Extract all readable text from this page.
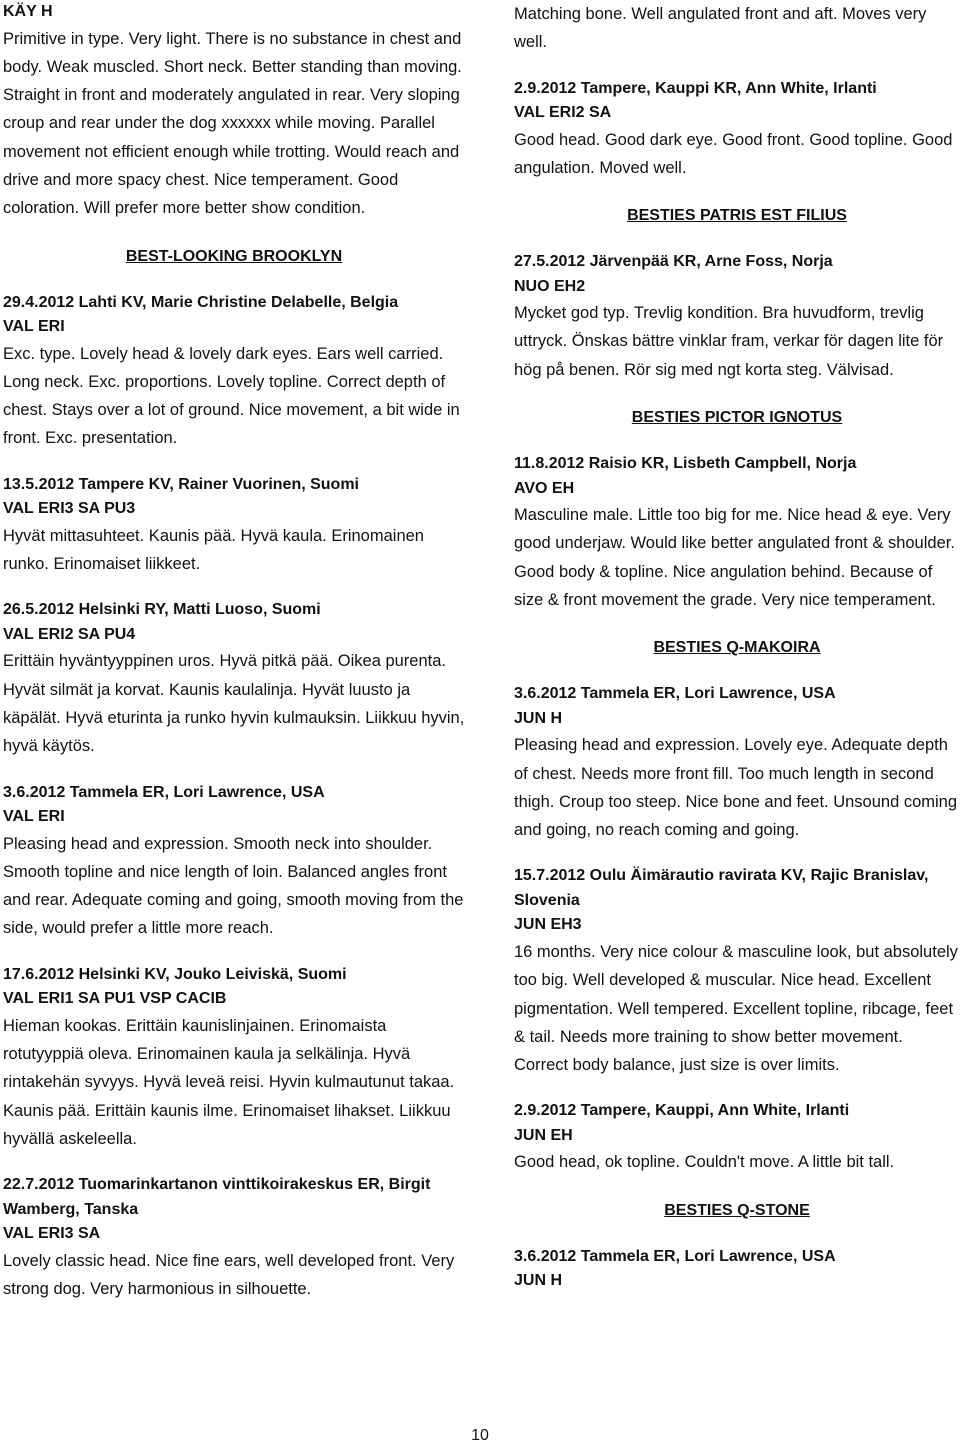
KÄY H

Primitive in type. Very light. There is no substance in chest and body. Weak muscled. Short neck. Better standing than moving. Straight in front and moderately angulated in rear. Very sloping croup and rear under the dog xxxxxx while moving. Parallel movement not efficient enough while trotting. Would reach and drive and more spacy chest. Nice temperament. Good coloration. Will prefer more better show condition.

BEST-LOOKING BROOKLYN
29.4.2012 Lahti KV, Marie Christine Delabelle, Belgia
VAL ERI

Exc. type. Lovely head & lovely dark eyes. Ears well carried. Long neck. Exc. proportions. Lovely topline. Correct depth of chest. Stays over a lot of ground. Nice movement, a bit wide in front. Exc. presentation.

13.5.2012 Tampere KV, Rainer Vuorinen, Suomi
VAL ERI3 SA PU3

Hyvät mittasuhteet. Kaunis pää. Hyvä kaula. Erinomainen runko. Erinomaiset liikkeet.

26.5.2012 Helsinki RY, Matti Luoso, Suomi
VAL ERI2 SA PU4

Erittäin hyväntyyppinen uros. Hyvä pitkä pää. Oikea purenta. Hyvät silmät ja korvat. Kaunis kaulalinja. Hyvät luusto ja käpälät. Hyvä eturinta ja runko hyvin kulmauksin. Liikkuu hyvin, hyvä käytös.

3.6.2012 Tammela ER, Lori Lawrence, USA
VAL ERI

Pleasing head and expression. Smooth neck into shoulder. Smooth topline and nice length of loin. Balanced angles front and rear. Adequate coming and going, smooth moving from the side, would prefer a little more reach.

17.6.2012 Helsinki KV, Jouko Leiviskä, Suomi
VAL ERI1 SA PU1 VSP CACIB

Hieman kookas. Erittäin kaunislinjainen. Erinomaista rotutyyppiä oleva. Erinomainen kaula ja selkälinja. Hyvä rintakehän syvyys. Hyvä leveä reisi. Hyvin kulmautunut takaa. Kaunis pää. Erittäin kaunis ilme. Erinomaiset lihakset. Liikkuu hyvällä askeleella.

22.7.2012 Tuomarinkartanon vinttikoirakeskus ER, Birgit Wamberg, Tanska
VAL ERI3 SA

Lovely classic head. Nice fine ears, well developed front. Very strong dog. Very harmonious in silhouette.

Matching bone. Well angulated front and aft. Moves very well.

2.9.2012 Tampere, Kauppi KR, Ann White, Irlanti
VAL ERI2 SA

Good head. Good dark eye. Good front. Good topline. Good angulation. Moved well.

BESTIES PATRIS EST FILIUS
27.5.2012 Järvenpää KR, Arne Foss, Norja
NUO EH2

Mycket god typ. Trevlig kondition. Bra huvudform, trevlig uttryck. Önskas bättre vinklar fram, verkar för dagen lite för hög på benen. Rör sig med ngt korta steg. Välvisad.

BESTIES PICTOR IGNOTUS
11.8.2012 Raisio KR, Lisbeth Campbell, Norja
AVO EH

Masculine male. Little too big for me. Nice head & eye. Very good underjaw. Would like better angulated front & shoulder. Good body & topline. Nice angulation behind. Because of size & front movement the grade. Very nice temperament.

BESTIES Q-MAKOIRA
3.6.2012 Tammela ER, Lori Lawrence, USA
JUN H

Pleasing head and expression. Lovely eye. Adequate depth of chest. Needs more front fill. Too much length in second thigh. Croup too steep. Nice bone and feet. Unsound coming and going, no reach coming and going.

15.7.2012 Oulu Äimärautio ravirata KV, Rajic Branislav, Slovenia
JUN EH3

16 months. Very nice colour & masculine look, but absolutely too big. Well developed & muscular. Nice head. Excellent pigmentation. Well tempered. Excellent topline, ribcage, feet & tail. Needs more training to show better movement. Correct body balance, just size is over limits.

2.9.2012 Tampere, Kauppi, Ann White, Irlanti
JUN EH

Good head, ok topline. Couldn't move. A little bit tall.

BESTIES Q-STONE
3.6.2012 Tammela ER, Lori Lawrence, USA
JUN H
10
